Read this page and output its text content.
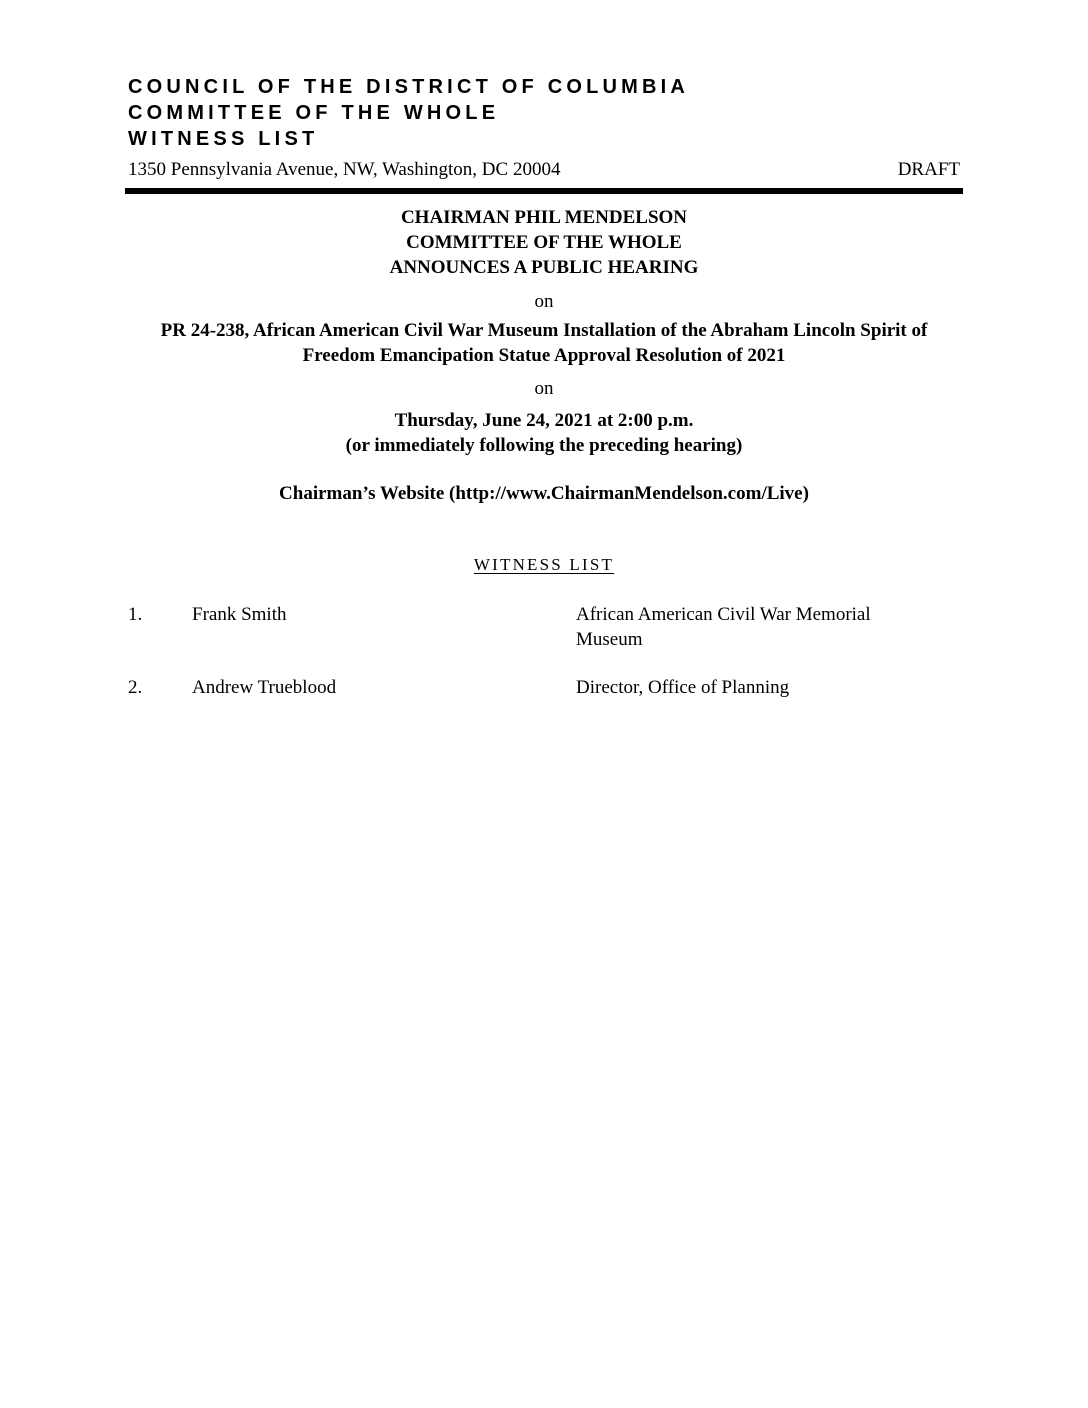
COUNCIL OF THE DISTRICT OF COLUMBIA
COMMITTEE OF THE WHOLE
WITNESS LIST
1350 Pennsylvania Avenue, NW, Washington, DC 20004	DRAFT
CHAIRMAN PHIL MENDELSON
COMMITTEE OF THE WHOLE
ANNOUNCES A PUBLIC HEARING
on
PR 24-238, African American Civil War Museum Installation of the Abraham Lincoln Spirit of
Freedom Emancipation Statue Approval Resolution of 2021
on
Thursday, June 24, 2021 at 2:00 p.m.
(or immediately following the preceding hearing)
Chairman’s Website (http://www.ChairmanMendelson.com/Live)
WITNESS LIST
1.	Frank Smith	African American Civil War Memorial
Museum
2.	Andrew Trueblood	Director, Office of Planning
